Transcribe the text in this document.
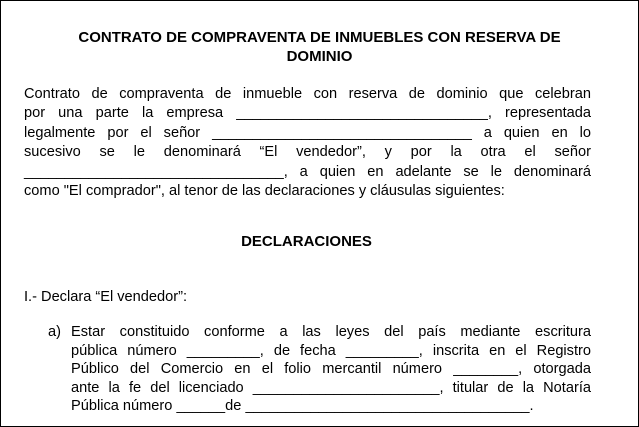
CONTRATO DE COMPRAVENTA DE INMUEBLES CON RESERVA DE
DOMINIO
Contrato de compraventa de inmueble con reserva de dominio que celebran
por una parte la empresa _______________________________, representada
legalmente por el señor ________________________________ a quien en lo
sucesivo se le denominará “El vendedor”, y por la otra el señor
________________________________, a quien en adelante se le denominará
como "El comprador", al tenor de las declaraciones y cláusulas siguientes:
DECLARACIONES
I.- Declara “El vendedor”:
a) Estar constituido conforme a las leyes del país mediante escritura
pública número _________, de fecha _________, inscrita en el Registro
Público del Comercio en el folio mercantil número ________, otorgada
ante la fe del licenciado _______________________, titular de la Notaría
Pública número ______de ___________________________________.
